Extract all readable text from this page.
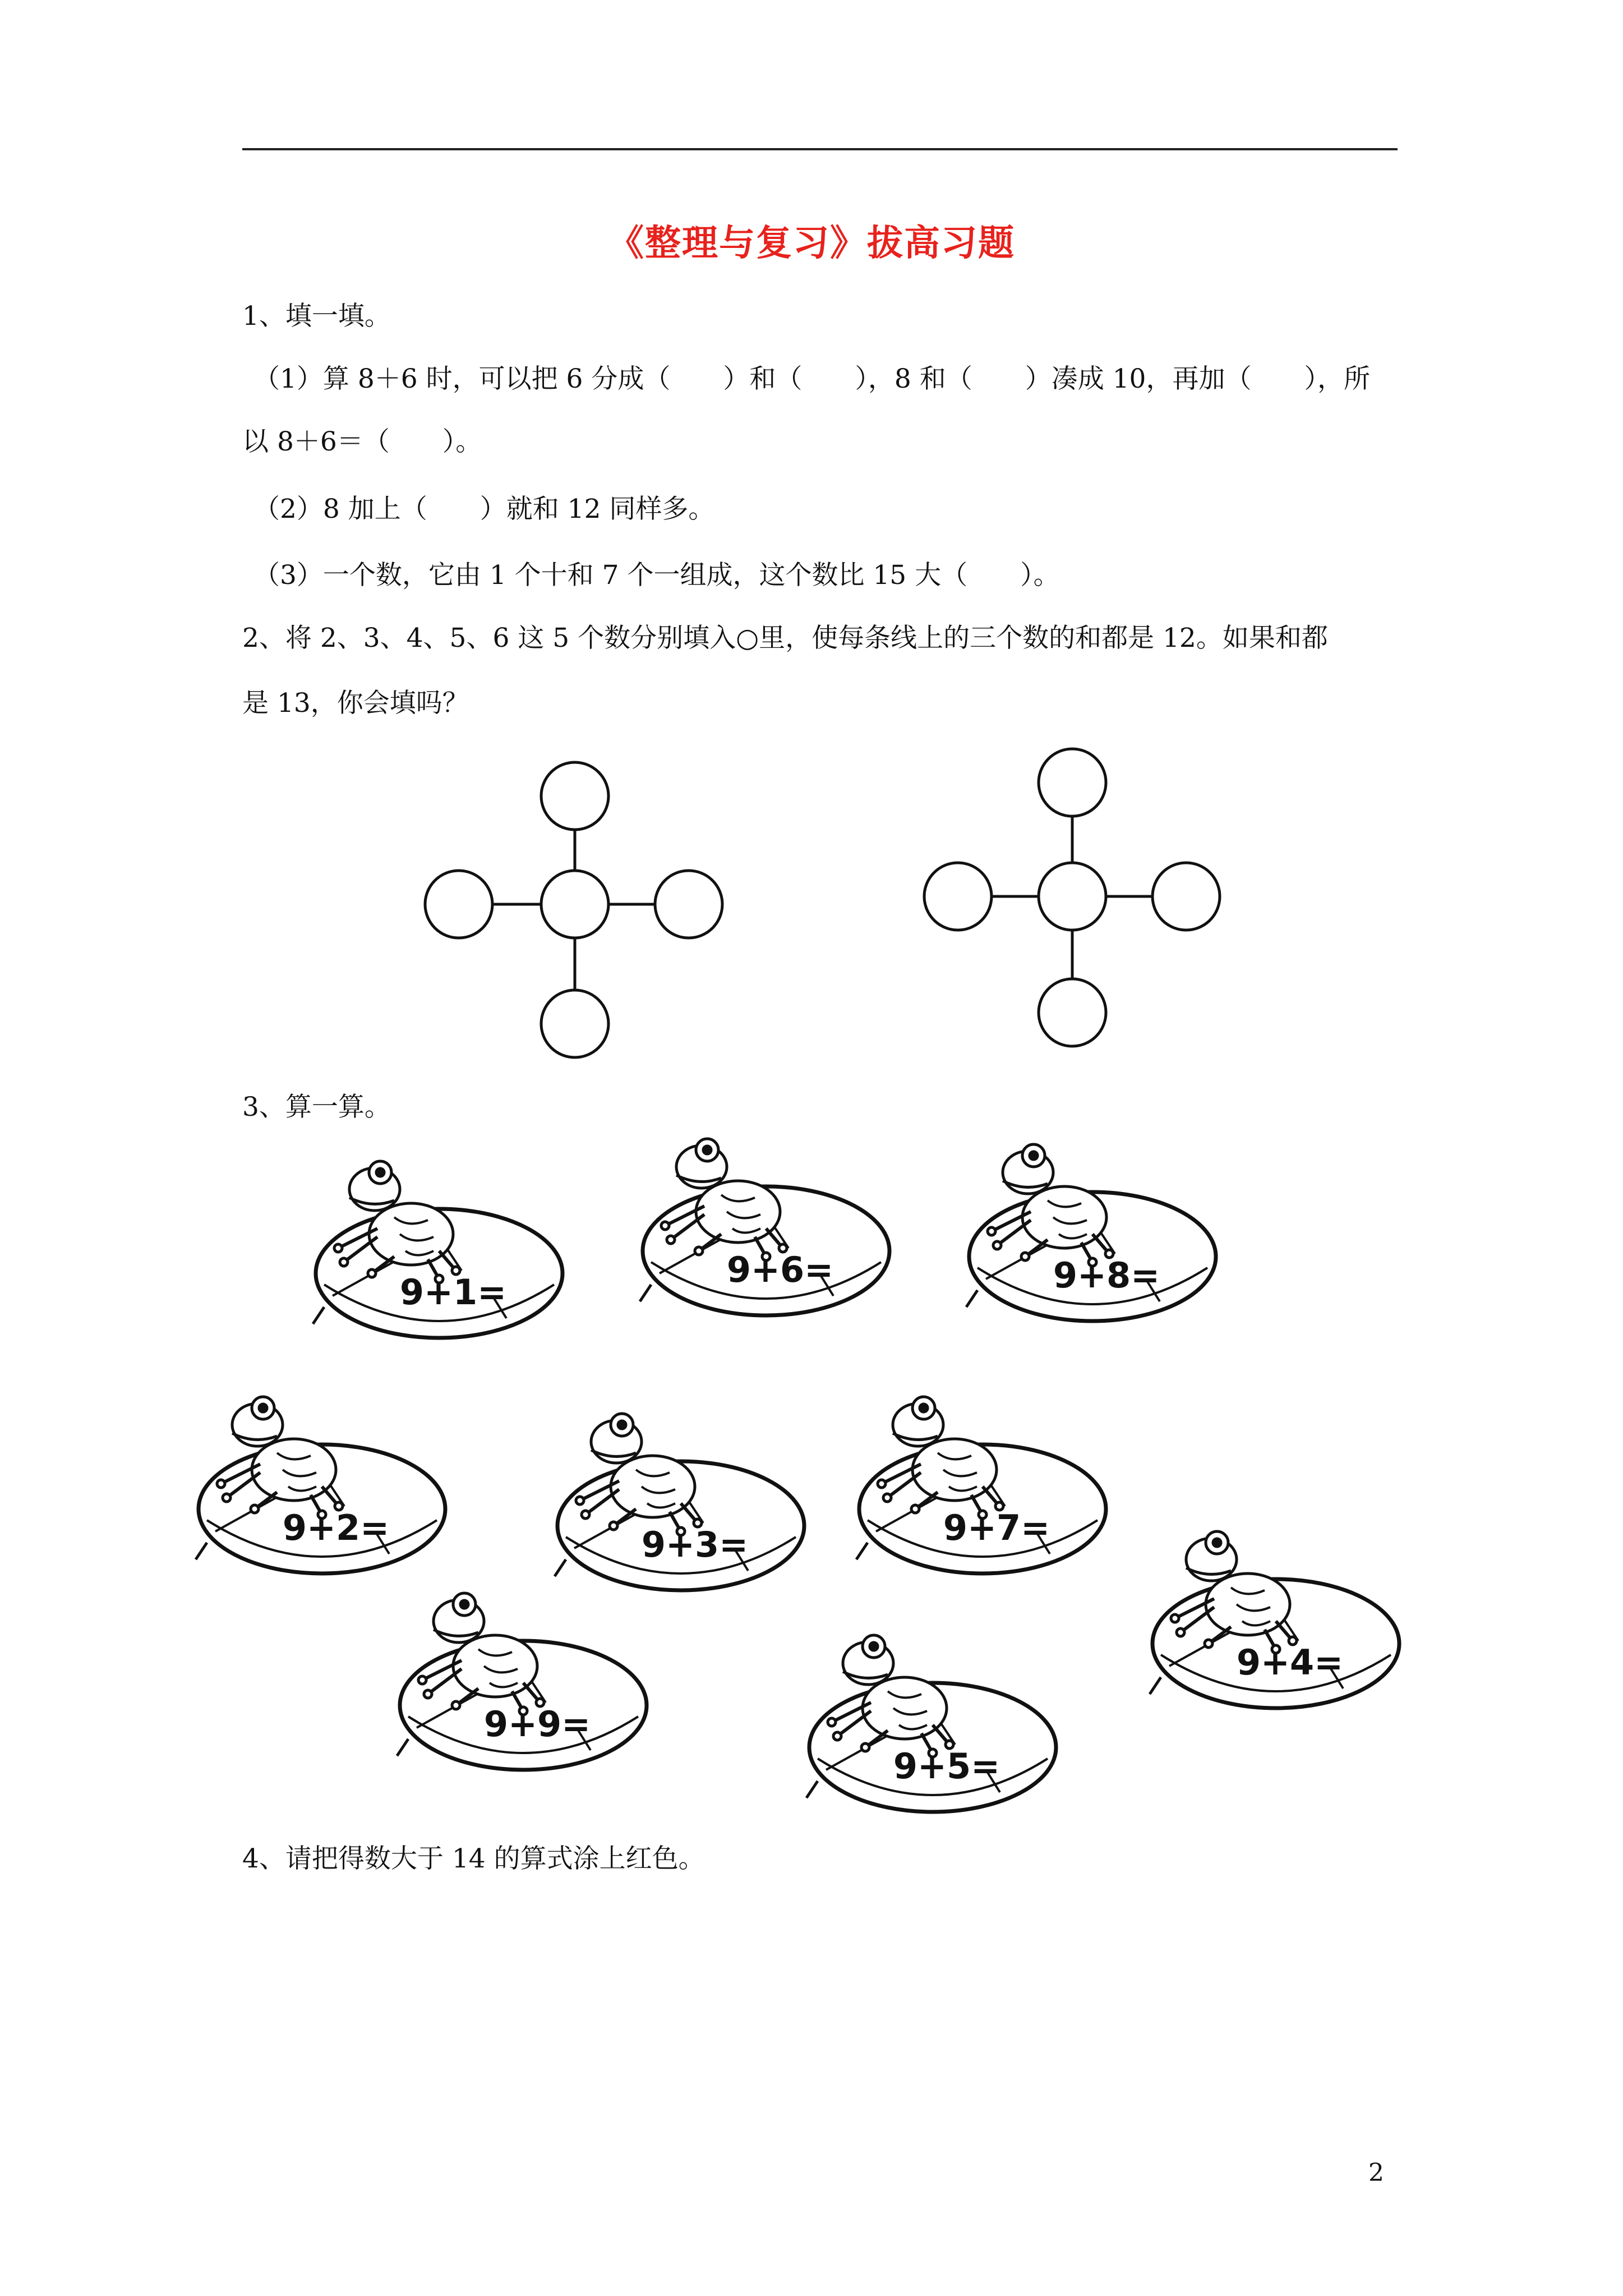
《整理与复习》拔高习题
1、填一填。
（1）算 8＋6 时，可以把 6 分成（　　）和（　　），8 和（　　）凑成 10，再加（　　），所
以 8＋6＝（　　）。
（2）8 加上（　　）就和 12 同样多。
（3）一个数，它由 1 个十和 7 个一组成，这个数比 15 大（　　）。
2、将 2、3、4、5、6 这 5 个数分别填入○里，使每条线上的三个数的和都是 12。如果和都
是 13，你会填吗？
9+1=
9+6=	9+8=
9+2=	9+3=	9+7=
9+4=
9+9=
9+5=
3、算一算。
4、请把得数大于 14 的算式涂上红色。
2
